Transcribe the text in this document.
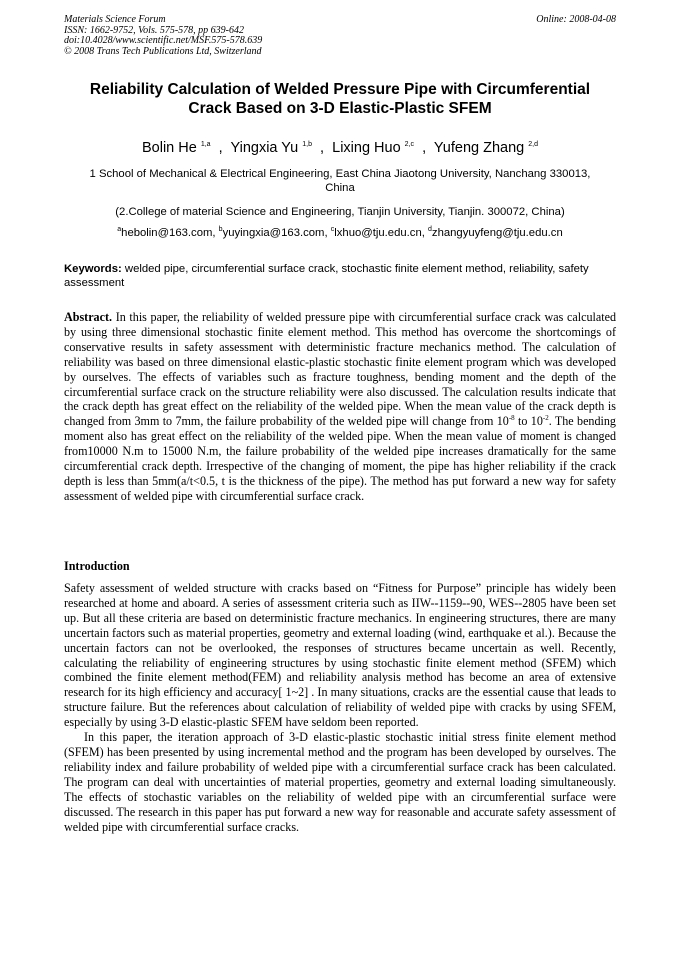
Materials Science Forum
ISSN: 1662-9752, Vols. 575-578, pp 639-642
doi:10.4028/www.scientific.net/MSF.575-578.639
© 2008 Trans Tech Publications Ltd, Switzerland
Online: 2008-04-08
Reliability Calculation of Welded Pressure Pipe with Circumferential
Crack Based on 3-D Elastic-Plastic SFEM
Bolin He $^{1,a}$  ,  Yingxia Yu $^{1,b}$  ,  Lixing Huo $^{2,c}$  ,  Yufeng Zhang $^{2,d}$
1 School of Mechanical & Electrical Engineering, East China Jiaotong University, Nanchang 330013,
China
(2.College of material Science and Engineering, Tianjin University, Tianjin. 300072, China)
$^a$hebolin@163.com, $^b$yuyingxia@163.com, $^c$lxhuo@tju.edu.cn, $^d$zhangyuyfeng@tju.edu.cn
Keywords: welded pipe, circumferential surface crack, stochastic finite element method, reliability, safety assessment
Abstract. In this paper, the reliability of welded pressure pipe with circumferential surface crack was calculated by using three dimensional stochastic finite element method. This method has overcome the shortcomings of conservative results in safety assessment with deterministic fracture mechanics method. The calculation of reliability was based on three dimensional elastic-plastic stochastic finite element program which was developed by ourselves. The effects of variables such as fracture toughness, bending moment and the depth of the circumferential surface crack on the structure reliability were also discussed. The calculation results indicate that the crack depth has great effect on the reliability of the welded pipe. When the mean value of the crack depth is changed from 3mm to 7mm, the failure probability of the welded pipe will change from $10^{-8}$ to $10^{-2}$. The bending moment also has great effect on the reliability of the welded pipe. When the mean value of moment is changed from10000 N.m to 15000 N.m, the failure probability of the welded pipe increases dramatically for the same circumferential crack depth. Irrespective of the changing of moment, the pipe has higher reliability if the crack depth is less than 5mm(a/t<0.5, t is the thickness of the pipe). The method has put forward a new way for safety assessment of welded pipe with circumferential surface crack.
Introduction
Safety assessment of welded structure with cracks based on “Fitness for Purpose” principle has widely been researched at home and aboard. A series of assessment criteria such as IIW--1159--90, WES--2805 have been set up. But all these criteria are based on deterministic fracture mechanics. In engineering structures, there are many uncertain factors such as material properties, geometry and external loading (wind, earthquake et al.). Because the uncertain factors can not be overlooked, the responses of structures became uncertain as well. Recently, calculating the reliability of engineering structures by using stochastic finite element method (SFEM) which combined the finite element method(FEM) and reliability analysis method has become an area of extensive research for its high efficiency and accuracy[ 1~2] . In many situations, cracks are the essential cause that leads to structure failure. But the references about calculation of reliability of welded pipe with cracks by using SFEM, especially by using 3-D elastic-plastic SFEM have seldom been reported.
In this paper, the iteration approach of 3-D elastic-plastic stochastic initial stress finite element method (SFEM) has been presented by using incremental method and the program has been developed by ourselves. The reliability index and failure probability of welded pipe with a circumferential surface crack has been calculated. The program can deal with uncertainties of material properties, geometry and external loading simultaneously. The effects of stochastic variables on the reliability of welded pipe with an circumferential surface were discussed. The research in this paper has put forward a new way for reasonable and accurate safety assessment of welded pipe with circumferential surface cracks.
